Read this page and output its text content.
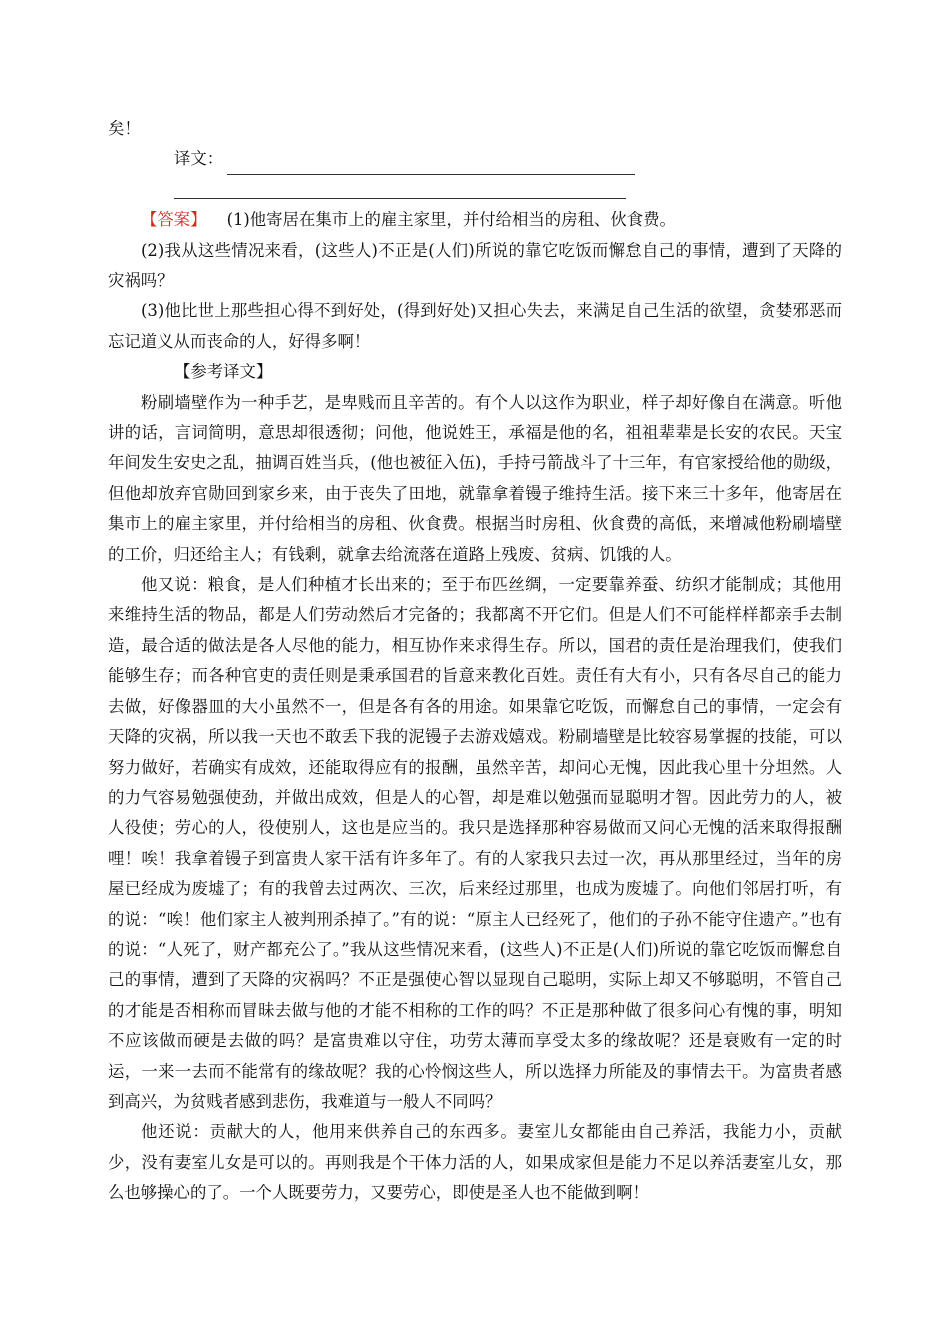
矣！

译文：

【答案】 (1)他寄居在集市上的雇主家里，并付给相当的房租、伙食费。

(2)我从这些情况来看，(这些人)不正是(人们)所说的靠它吃饭而懈怠自己的事情，遭到了天降的灾祸吗？

(3)他比世上那些担心得不到好处，(得到好处)又担心失去，来满足自己生活的欲望，贪婪邪恶而忘记道义从而丧命的人，好得多啊！

【参考译文】

粉刷墙壁作为一种手艺，是卑贱而且辛苦的。有个人以这作为职业，样子却好像自在满意。听他讲的话，言词简明，意思却很透彻；问他，他说姓王，承福是他的名，祖祖辈辈是长安的农民。天宝年间发生安史之乱，抽调百姓当兵，(他也被征入伍)，手持弓箭战斗了十三年，有官家授给他的勋级，但他却放弃官勋回到家乡来，由于丧失了田地，就靠拿着镘子维持生活。接下来三十多年，他寄居在集市上的雇主家里，并付给相当的房租、伙食费。根据当时房租、伙食费的高低，来增减他粉刷墙壁的工价，归还给主人；有钱剩，就拿去给流落在道路上残废、贫病、饥饿的人。

他又说：粮食，是人们种植才长出来的；至于布匹丝绸，一定要靠养蚕、纺织才能制成；其他用来维持生活的物品，都是人们劳动然后才完备的；我都离不开它们。但是人们不可能样样都亲手去制造，最合适的做法是各人尽他的能力，相互协作来求得生存。所以，国君的责任是治理我们，使我们能够生存；而各种官吏的责任则是秉承国君的旨意来教化百姓。责任有大有小，只有各尽自己的能力去做，好像器皿的大小虽然不一，但是各有各的用途。如果靠它吃饭，而懈怠自己的事情，一定会有天降的灾祸，所以我一天也不敢丢下我的泥镘子去游戏嬉戏。粉刷墙壁是比较容易掌握的技能，可以努力做好，若确实有成效，还能取得应有的报酬，虽然辛苦，却问心无愧，因此我心里十分坦然。人的力气容易勉强使劲，并做出成效，但是人的心智，却是难以勉强而显聪明才智。因此劳力的人，被人役使；劳心的人，役使别人，这也是应当的。我只是选择那种容易做而又问心无愧的活来取得报酬哩！唉！我拿着镘子到富贵人家干活有许多年了。有的人家我只去过一次，再从那里经过，当年的房屋已经成为废墟了；有的我曾去过两次、三次，后来经过那里，也成为废墟了。向他们邻居打听，有的说：“唉！他们家主人被判刑杀掉了。”有的说：“原主人已经死了，他们的子孙不能守住遗产。”也有的说：“人死了，财产都充公了。”我从这些情况来看，(这些人)不正是(人们)所说的靠它吃饭而懈怠自己的事情，遭到了天降的灾祸吗？不正是强使心智以显现自己聪明，实际上却又不够聪明，不管自己的才能是否相称而冒昧去做与他的才能不相称的工作的吗？不正是那种做了很多问心有愧的事，明知不应该做而硬是去做的吗？是富贵难以守住，功劳太薄而享受太多的缘故呢？还是衰败有一定的时运，一来一去而不能常有的缘故呢？我的心怜悯这些人，所以选择力所能及的事情去干。为富贵者感到高兴，为贫贱者感到悲伤，我难道与一般人不同吗？

他还说：贡献大的人，他用来供养自己的东西多。妻室儿女都能由自己养活，我能力小，贡献少，没有妻室儿女是可以的。再则我是个干体力活的人，如果成家但是能力不足以养活妻室儿女，那么也够操心的了。一个人既要劳力，又要劳心，即使是圣人也不能做到啊！
